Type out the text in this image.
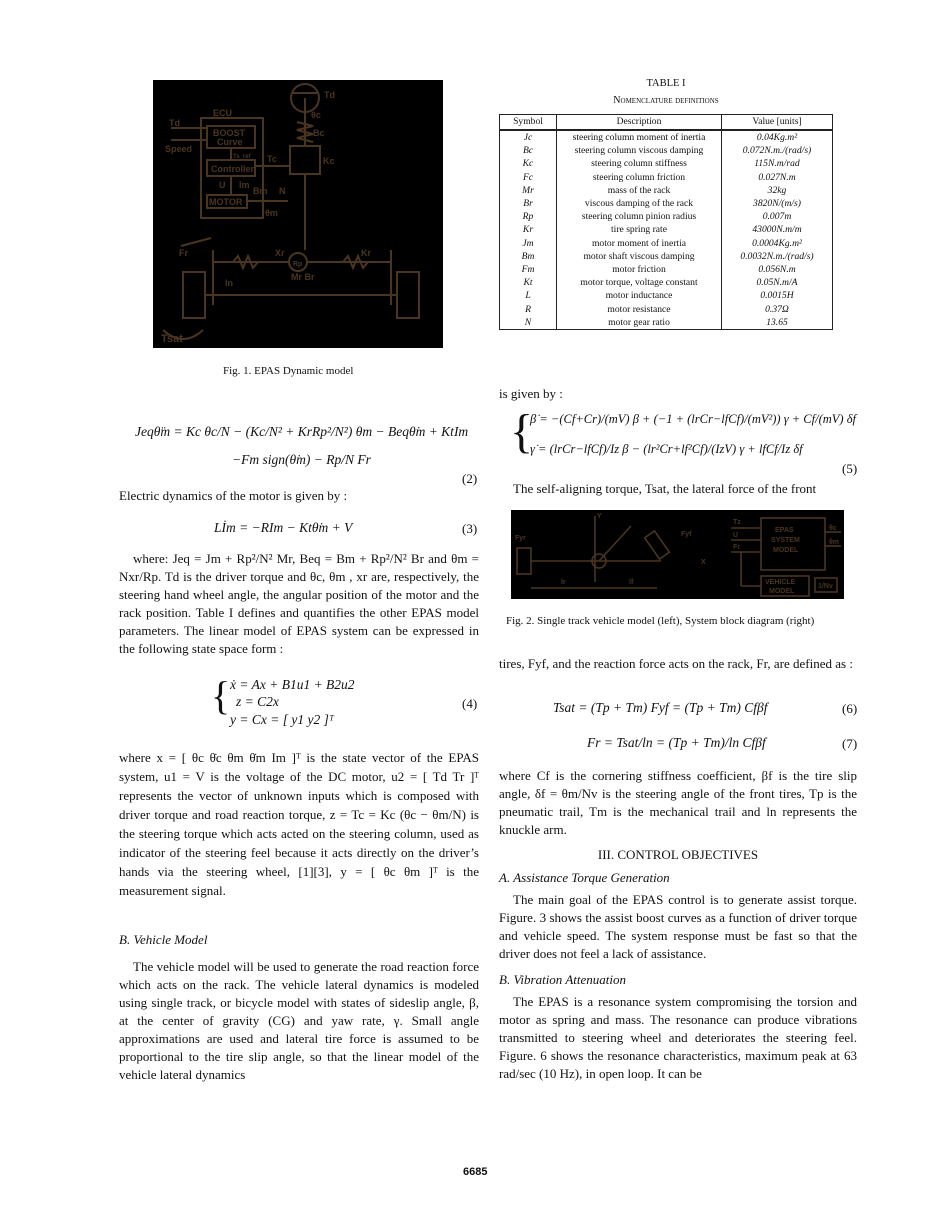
Td
θc
Bc
Kc
ECU
BOOST
Curve
Td
Speed
Tc
Ts_ref
Controller
U Im
Bm N
MOTOR
θm
Fr	Xr
Rp
Kr
Mr Br
ln
Tsat
Fig. 1. EPAS Dynamic model
TABLE I
Nomenclature definitions
Symbol	Description	Value [units]
Jc	steering column moment of inertia	0.04Kg.m²
Bc	steering column viscous damping	0.072N.m./(rad/s)
Kc	steering column stiffness	115N.m/rad
Fc	steering column friction	0.027N.m
Mr	mass of the rack	32kg
Br	viscous damping of the rack	3820N/(m/s)
Rp	steering column pinion radius	0.007m
Kr	tire spring rate	43000N.m/m
Jm	motor moment of inertia	0.0004Kg.m²
Bm	motor shaft viscous damping	0.0032N.m./(rad/s)
Fm	motor friction	0.056N.m
Kt	motor torque, voltage constant	0.05N.m/A
L	motor inductance	0.0015H
R	motor resistance	0.37Ω
N	motor gear ratio	13.65
Jeqθ̈m = Kc θc/N − (Kc/N² + KrRp²/N²) θm − Beqθ̇m + KtIm
−Fm sign(θ̇m) − Rp/N Fr
(2)
Electric dynamics of the motor is given by :
Lİm = −RIm − Ktθ̇m + V	(3)

where: Jeq = Jm + Rp²/N² Mr, Beq = Bm + Rp²/N² Br and θm = Nxr/Rp. Td is the driver torque and θc, θm , xr are, respectively, the steering hand wheel angle, the angular position of the motor and the rack position. Table I defines and quantifies the other EPAS model parameters. The linear model of EPAS system can be expressed in the following state space form :

{ ẋ = Ax + B1u1 + B2u2
z = C2x
y = Cx = [ y1 y2 ]ᵀ
(4)

where x = [ θc θ̇c θm θ̇m Im ]ᵀ is the state vector of the EPAS system, u1 = V is the voltage of the DC motor, u2 = [ Td Tr ]ᵀ represents the vector of unknown inputs which is composed with driver torque and road reaction torque, z = Tc = Kc (θc − θm/N) is the steering torque which acts acted on the steering column, used as indicator of the steering feel because it acts directly on the driver’s hands via the steering wheel, [1][3], y = [ θc θm ]ᵀ is the measurement signal.

B. Vehicle Model

The vehicle model will be used to generate the road reaction force which acts on the rack. The vehicle lateral dynamics is modeled using single track, or bicycle model with states of sideslip angle, β, at the center of gravity (CG) and yaw rate, γ. Small angle approximations are used and lateral tire force is assumed to be proportional to the tire slip angle, so that the linear model of the vehicle lateral dynamics

is given by :
{
β̇ = −(Cf+Cr)/(mV) β + (−1 + (lrCr−lfCf)/(mV²)) γ + Cf/(mV) δf
γ̇ = (lrCr−lfCf)/Iz β − (lr²Cr+lf²Cf)/(IzV) γ + lfCf/Iz δf
(5)

The self-aligning torque, Tsat, the lateral force of the front

Fyr
Fyf
Y
X
lr	lf
Tz
U
Fr
EPAS
SYSTEM
MODEL
VEHICLE
MODEL
θc
θm
1/Nv
Fig. 2. Single track vehicle model (left), System block diagram (right)

tires, Fyf, and the reaction force acts on the rack, Fr, are defined as :

Tsat = (Tp + Tm) Fyf = (Tp + Tm) Cfβf	(6)
Fr = Tsat/ln = (Tp + Tm)/ln Cfβf	(7)

where Cf is the cornering stiffness coefficient, βf is the tire slip angle, δf = θm/Nv is the steering angle of the front tires, Tp is the pneumatic trail, Tm is the mechanical trail and ln represents the knuckle arm.

III. CONTROL OBJECTIVES
A. Assistance Torque Generation

The main goal of the EPAS control is to generate assist torque. Figure. 3 shows the assist boost curves as a function of driver torque and vehicle speed. The system response must be fast so that the driver does not feel a lack of assistance.

B. Vibration Attenuation

The EPAS is a resonance system compromising the torsion and motor as spring and mass. The resonance can produce vibrations transmitted to steering wheel and deteriorates the steering feel. Figure. 6 shows the resonance characteristics, maximum peak at 63 rad/sec (10 Hz), in open loop. It can be

6685
